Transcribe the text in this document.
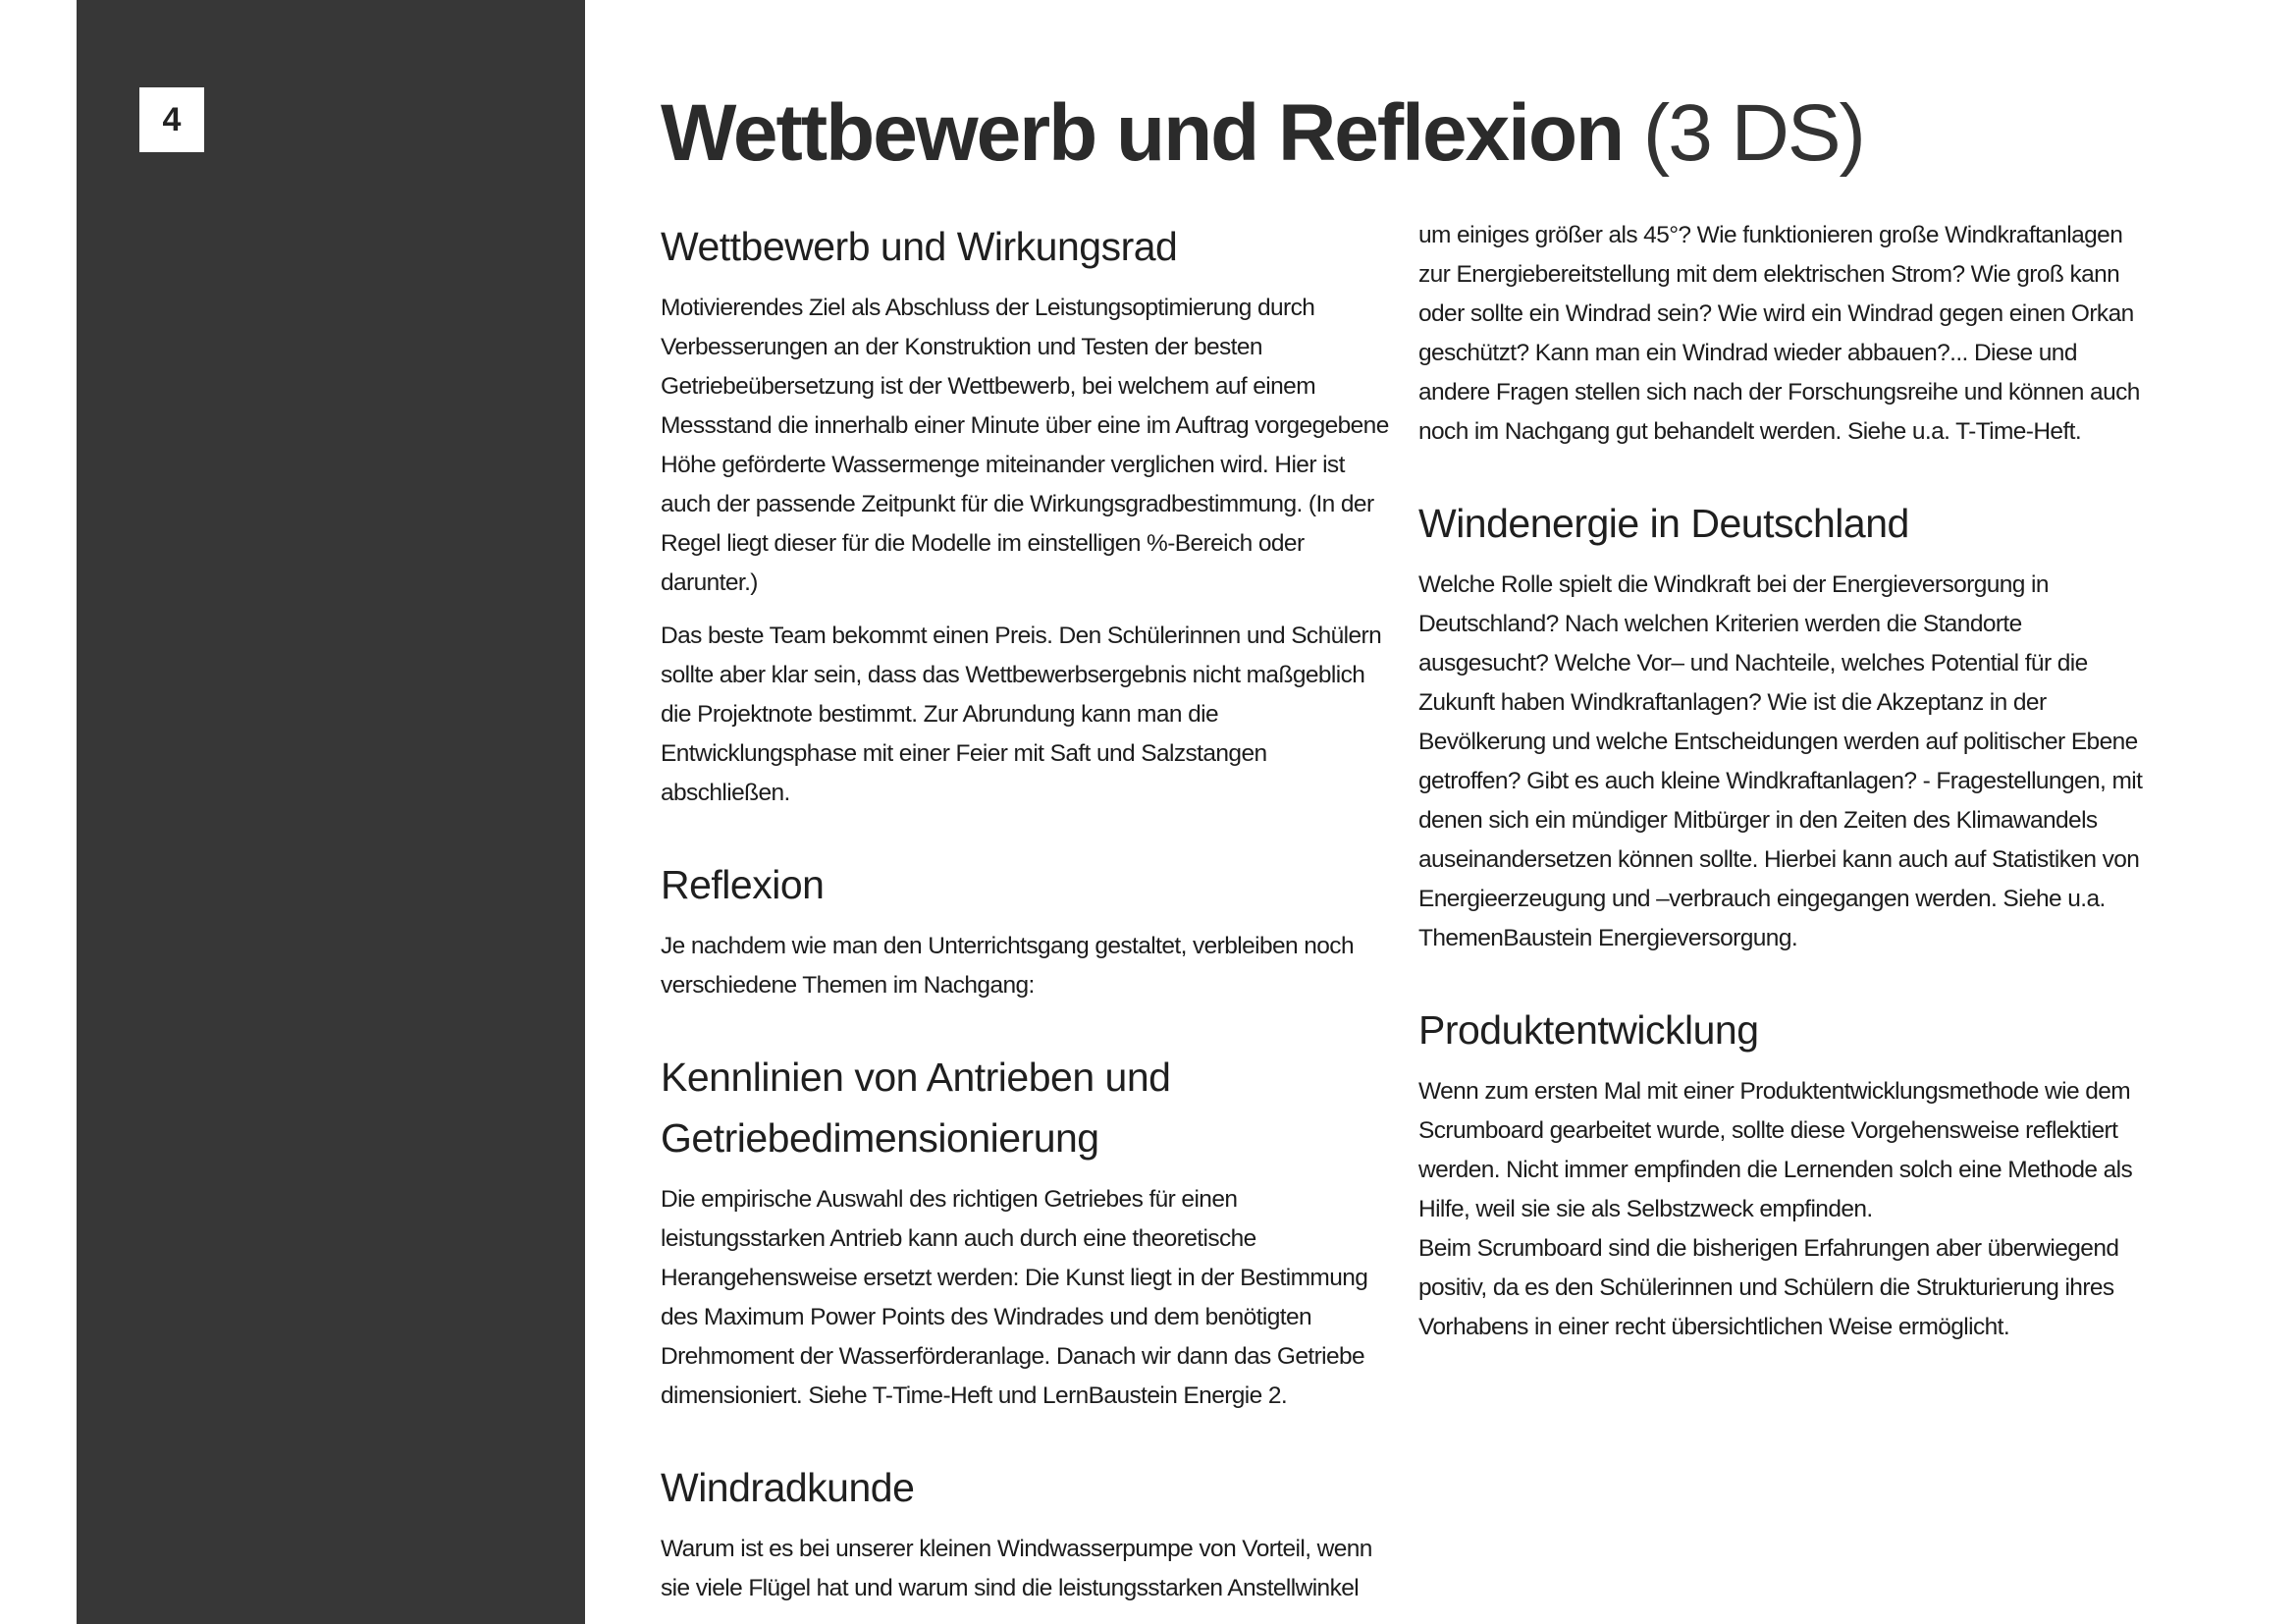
4	Wettbewerb und Reflexion (3 DS)
Wettbewerb und Wirkungsrad

Motivierendes Ziel als Abschluss der Leistungsoptimierung durch Verbesserungen an der Konstruktion und Testen der besten Getriebeübersetzung ist der Wettbewerb, bei welchem auf einem Messstand die innerhalb einer Minute über eine im Auftrag vorgegebene Höhe geförderte Wassermenge miteinander verglichen wird. Hier ist auch der passende Zeitpunkt für die Wirkungsgradbestimmung. (In der Regel liegt dieser für die Modelle im einstelligen %-Bereich oder darunter.)

Das beste Team bekommt einen Preis. Den Schülerinnen und Schülern sollte aber klar sein, dass das Wettbewerbsergebnis nicht maßgeblich die Projektnote bestimmt. Zur Abrundung kann man die Entwicklungsphase mit einer Feier mit Saft und Salzstangen abschließen.

Reflexion

Je nachdem wie man den Unterrichtsgang gestaltet, verbleiben noch verschiedene Themen im Nachgang:

Kennlinien von Antrieben und Getriebedimensionierung

Die empirische Auswahl des richtigen Getriebes für einen leistungsstarken Antrieb kann auch durch eine theoretische Herangehensweise ersetzt werden: Die Kunst liegt in der Bestimmung des Maximum Power Points des Windrades und dem benötigten Drehmoment der Wasserförderanlage. Danach wir dann das Getriebe dimensioniert. Siehe T-Time-Heft und LernBaustein Energie 2.

Windradkunde

Warum ist es bei unserer kleinen Windwasserpumpe von Vorteil, wenn sie viele Flügel hat und warum sind die leistungsstarken Anstellwinkel

um einiges größer als 45°? Wie funktionieren große Windkraftanlagen zur Energiebereitstellung mit dem elektrischen Strom? Wie groß kann oder sollte ein Windrad sein? Wie wird ein Windrad gegen einen Orkan geschützt? Kann man ein Windrad wieder abbauen?... Diese und andere Fragen stellen sich nach der Forschungsreihe und können auch noch im Nachgang gut behandelt werden. Siehe u.a. T-Time-Heft.

Windenergie in Deutschland

Welche Rolle spielt die Windkraft bei der Energieversorgung in Deutschland? Nach welchen Kriterien werden die Standorte ausgesucht? Welche Vor– und Nachteile, welches Potential für die Zukunft haben Windkraftanlagen? Wie ist die Akzeptanz in der Bevölkerung und welche Entscheidungen werden auf politischer Ebene getroffen? Gibt es auch kleine Windkraftanlagen? - Fragestellungen, mit denen sich ein mündiger Mitbürger in den Zeiten des Klimawandels auseinandersetzen können sollte. Hierbei kann auch auf Statistiken von Energieerzeugung und –verbrauch eingegangen werden. Siehe u.a. ThemenBaustein Energieversorgung.

Produktentwicklung

Wenn zum ersten Mal mit einer Produktentwicklungsmethode wie dem Scrumboard gearbeitet wurde, sollte diese Vorgehensweise reflektiert werden. Nicht immer empfinden die Lernenden solch eine Methode als Hilfe, weil sie sie als Selbstzweck empfinden.

Beim Scrumboard sind die bisherigen Erfahrungen aber überwiegend positiv, da es den Schülerinnen und Schülern die Strukturierung ihres Vorhabens in einer recht übersichtlichen Weise ermöglicht.
